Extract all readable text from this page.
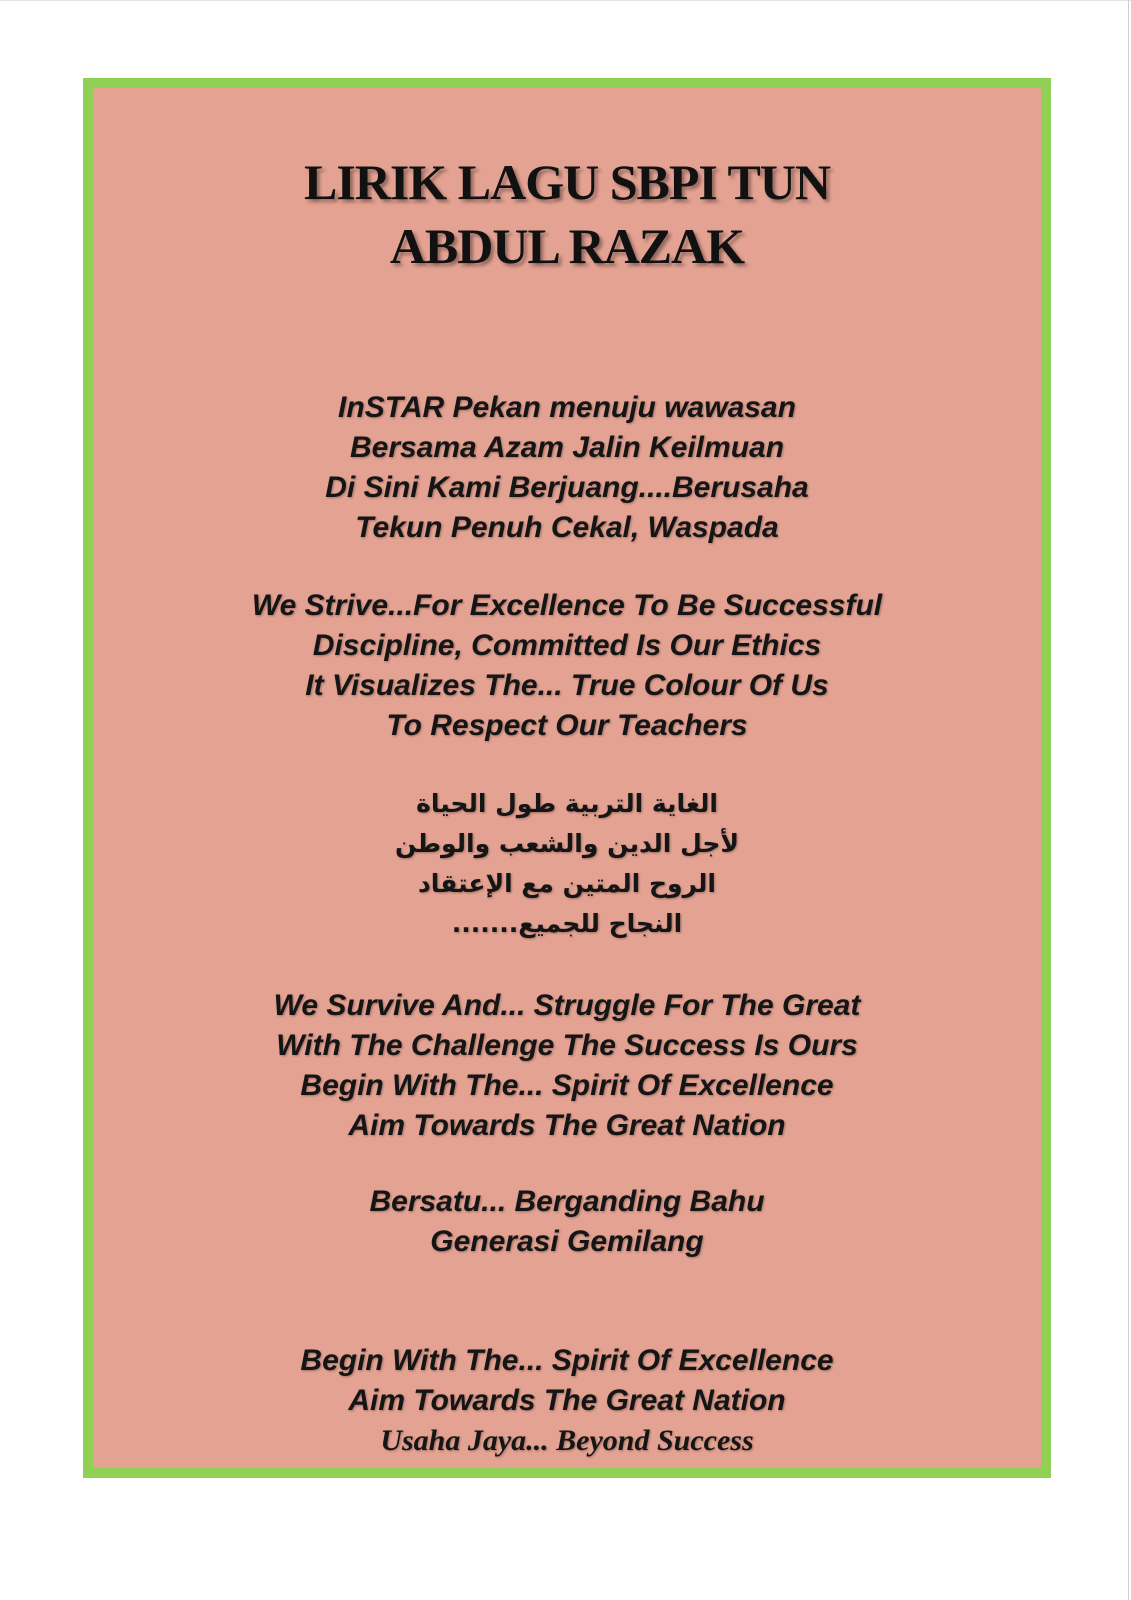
LIRIK LAGU SBPI TUN
ABDUL RAZAK
InSTAR Pekan menuju wawasan
Bersama Azam Jalin Keilmuan
Di Sini Kami Berjuang....Berusaha
Tekun Penuh Cekal, Waspada
We Strive...For Excellence To Be Successful
Discipline, Committed Is Our Ethics
It Visualizes The... True Colour Of Us
To Respect Our Teachers
الغاية التربية طول الحياة
لأجل الدين والشعب والوطن
الروح المتين مع الإعتقاد
النجاح للجميع.......
We Survive And... Struggle For The Great
With The Challenge The Success Is Ours
Begin With The... Spirit Of Excellence
Aim Towards The Great Nation
Bersatu... Berganding Bahu
Generasi Gemilang
Begin With The... Spirit Of Excellence
Aim Towards The Great Nation
Usaha Jaya... Beyond Success
